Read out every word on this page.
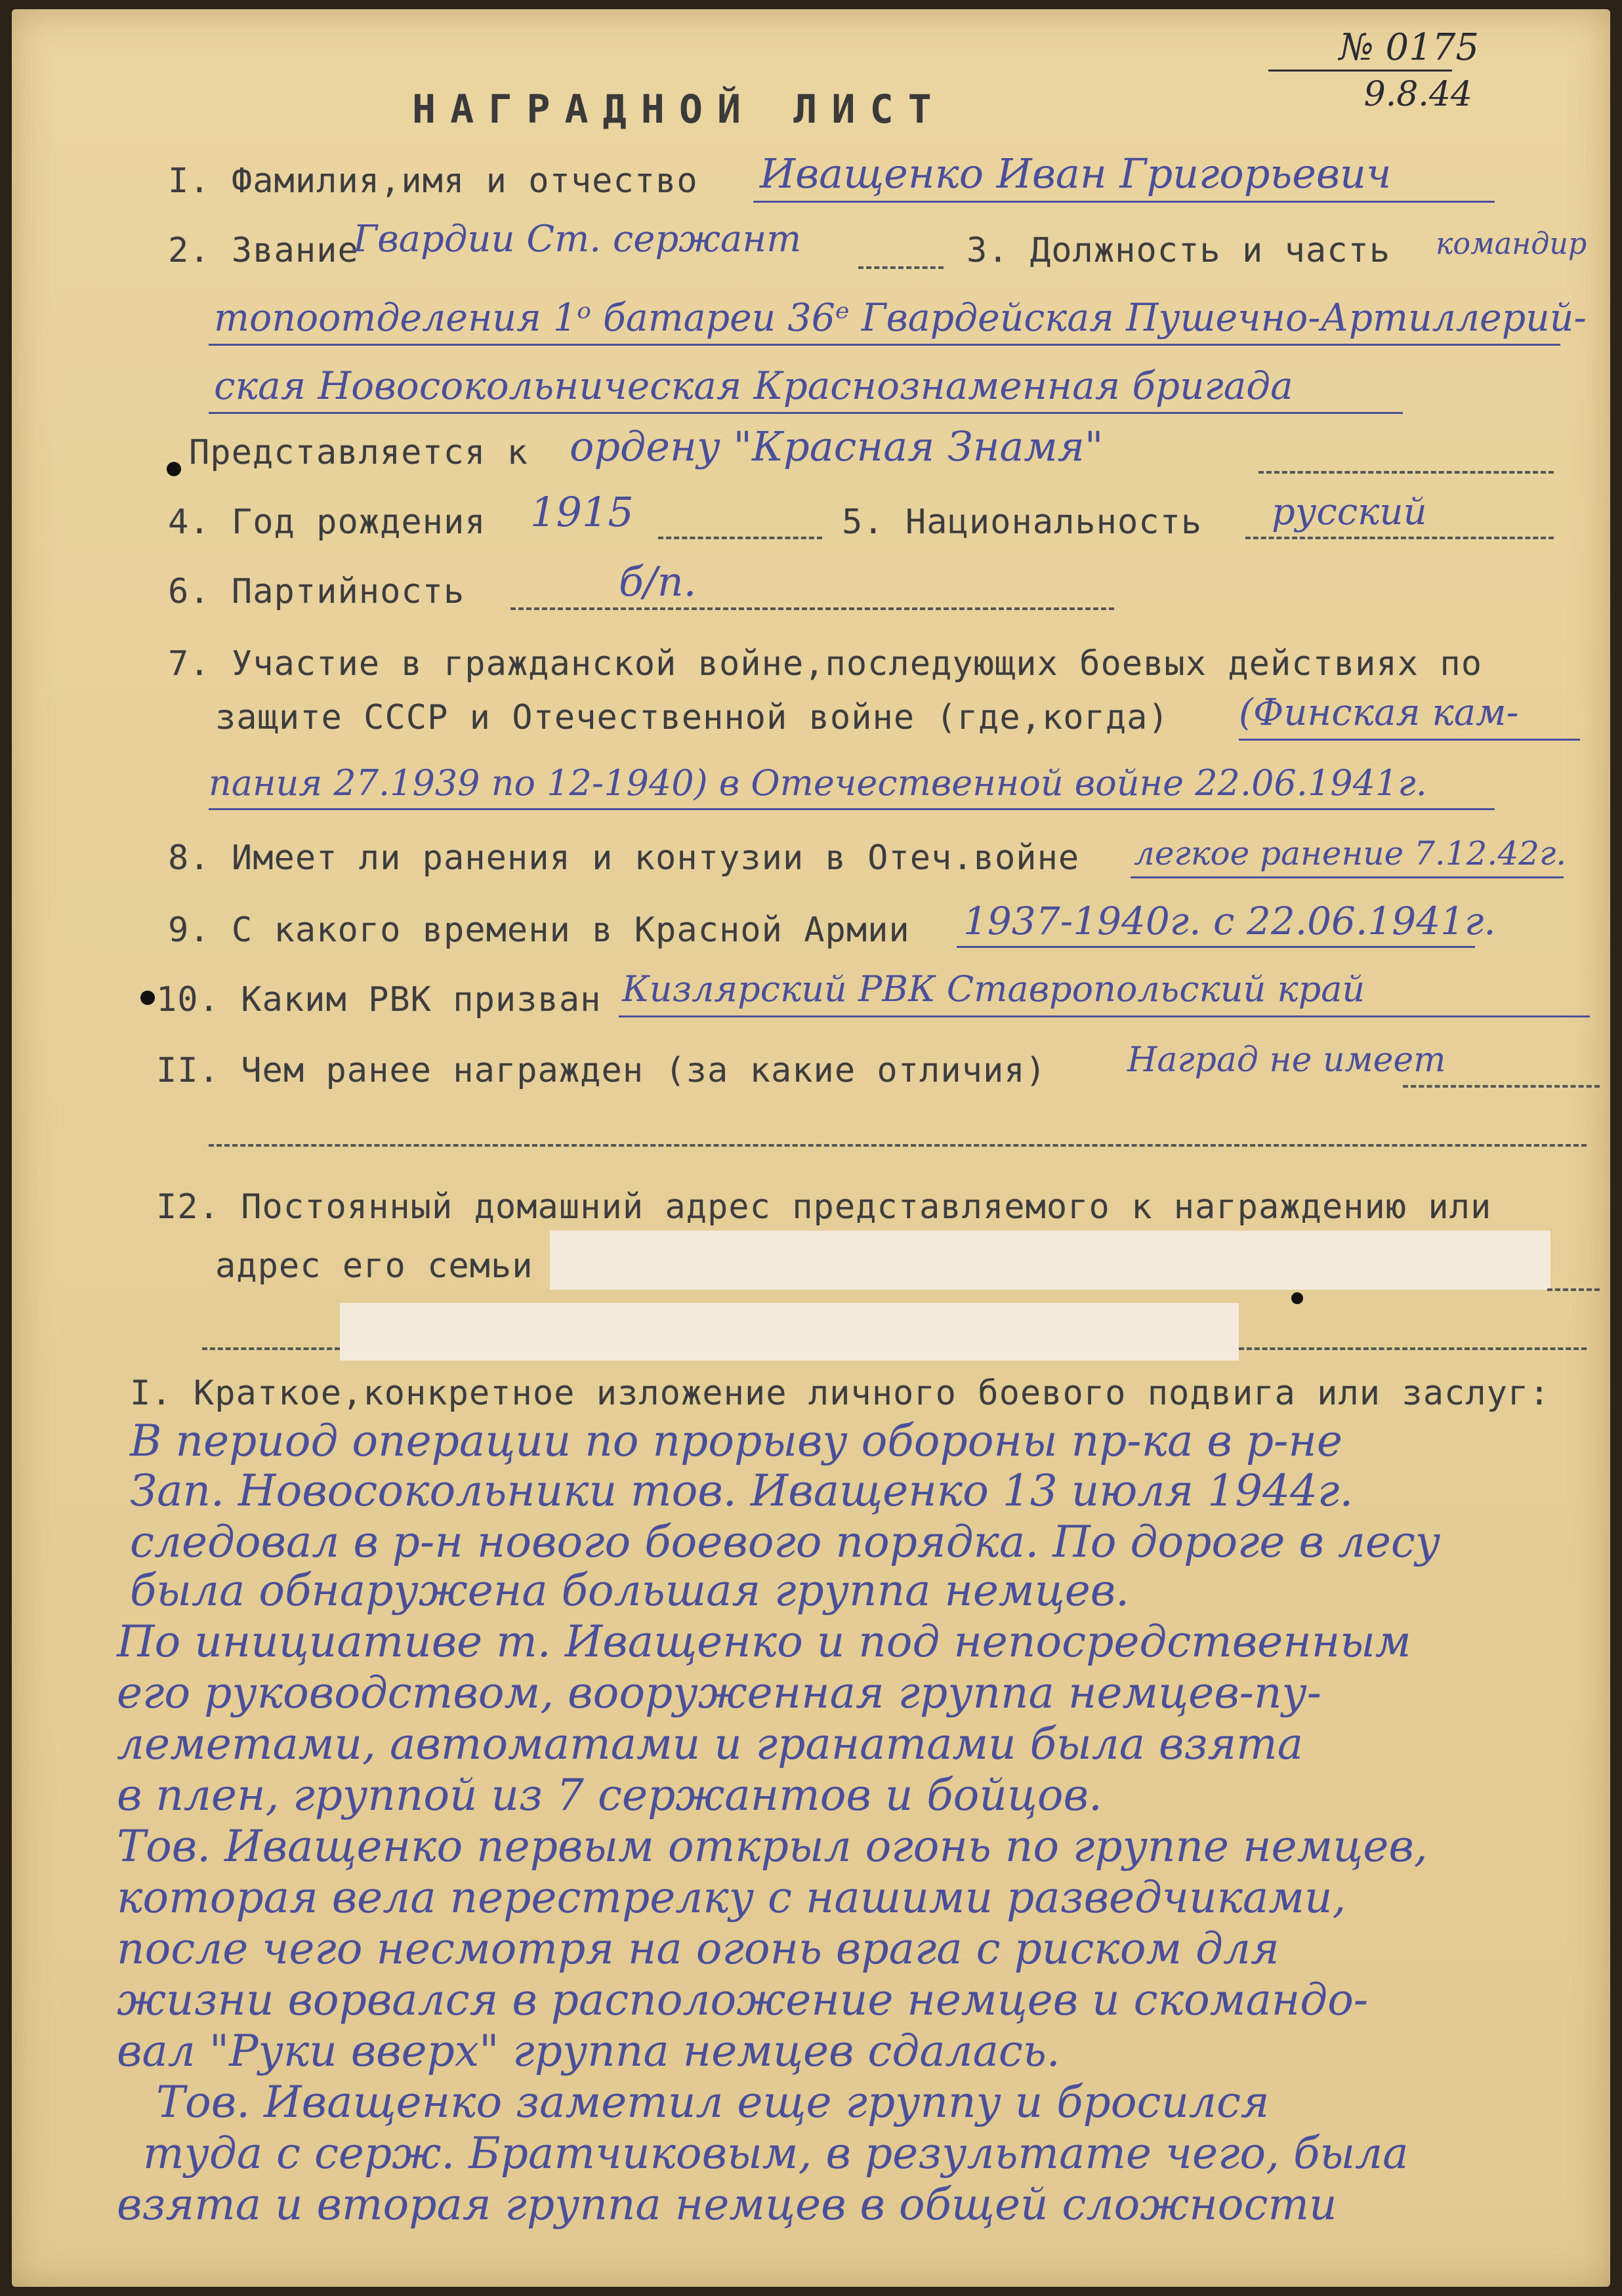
№ 0175
9.8.44
НАГРАДНОЙ ЛИСТ
I. Фамилия,имя и отчество Иващенко Иван Григорьевич
2. Звание
Гвардии Ст. сержант	3. Должность и часть командир
топоотделения 1ᵒ батареи 36ᵉ Гвардейская Пушечно-Артиллерий-
ская Новосокольническая Краснознаменная бригада
Представляется к ордену "Красная Знамя"
4. Год рождения 1915	5. Национальность русский
6. Партийность	б/п.
7. Участие в гражданской войне,последующих боевых действиях по
защите СССР и Отечественной войне (где,когда) (Финская кам-
пания 27.1939 по 12-1940) в Отечественной войне 22.06.1941г.
8. Имеет ли ранения и контузии в Отеч.войне легкое ранение 7.12.42г.
9. С какого времени в Красной Армии 1937-1940г. с 22.06.1941г.
10. Каким РВК призван Кизлярский РВК Ставропольский край
II. Чем ранее награжден (за какие отличия) Наград не имеет
I2. Постоянный домашний адрес представляемого к награждению или
адрес его семьи
I. Краткое,конкретное изложение личного боевого подвига или заслуг:
В период операции по прорыву обороны пр-ка в р-не
Зап. Новосокольники тов. Иващенко 13 июля 1944г.
следовал в р-н нового боевого порядка. По дороге в лесу
была обнаружена большая группа немцев.
По инициативе т. Иващенко и под непосредственным
его руководством, вооруженная группа немцев-пу-
леметами, автоматами и гранатами была взята
в плен, группой из 7 сержантов и бойцов.
Тов. Иващенко первым открыл огонь по группе немцев,
которая вела перестрелку с нашими разведчиками,
после чего несмотря на огонь врага с риском для
жизни ворвался в расположение немцев и скомандо-
вал "Руки вверх" группа немцев сдалась.
Тов. Иващенко заметил еще группу и бросился
туда с серж. Братчиковым, в результате чего, была
взята и вторая группа немцев в общей сложности
